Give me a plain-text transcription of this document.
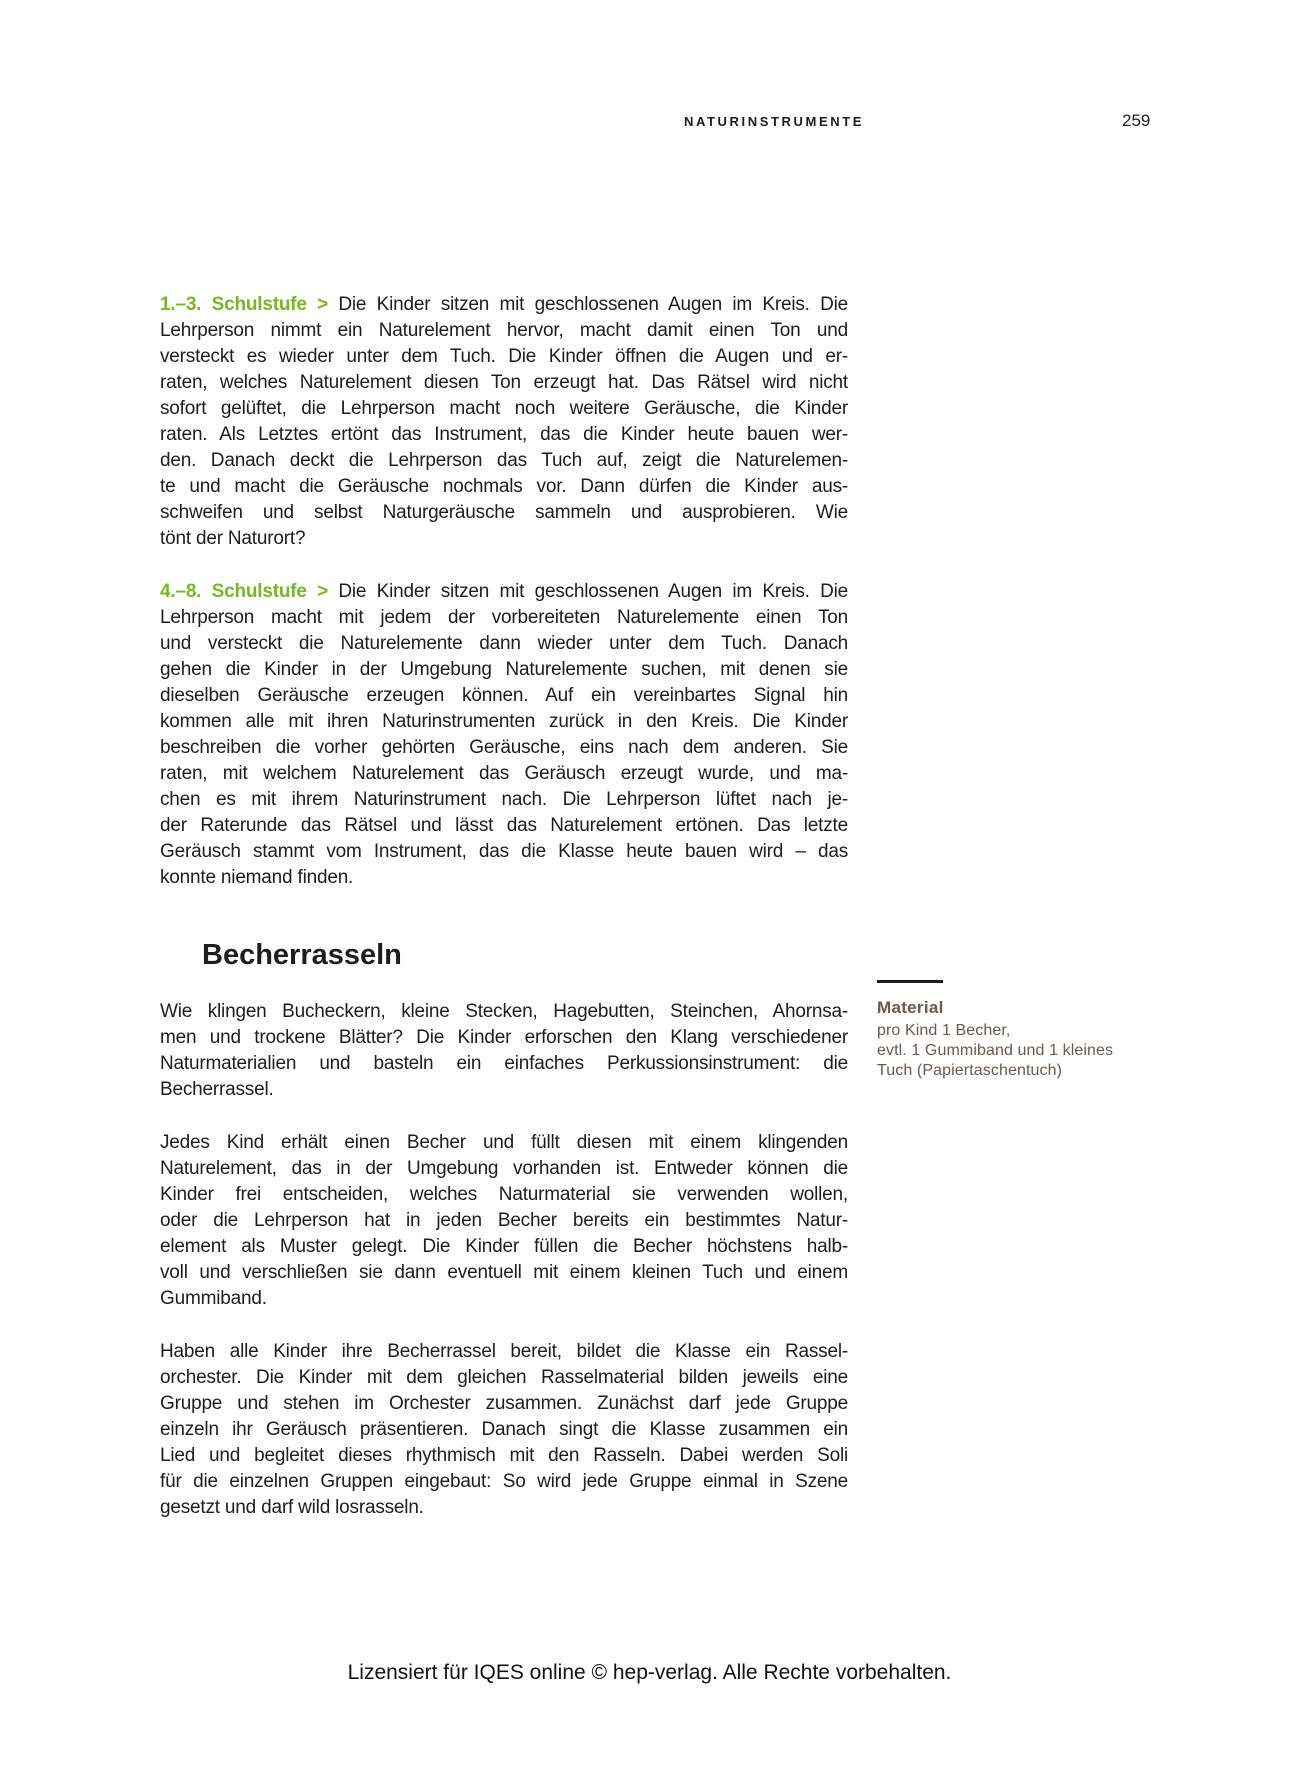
NATURINSTRUMENTE	259
1.–3. Schulstufe > Die Kinder sitzen mit geschlossenen Augen im Kreis. Die
Lehrperson nimmt ein Naturelement hervor, macht damit einen Ton und
versteckt es wieder unter dem Tuch. Die Kinder öffnen die Augen und er-
raten, welches Naturelement diesen Ton erzeugt hat. Das Rätsel wird nicht
sofort gelüftet, die Lehrperson macht noch weitere Geräusche, die Kinder
raten. Als Letztes ertönt das Instrument, das die Kinder heute bauen wer-
den. Danach deckt die Lehrperson das Tuch auf, zeigt die Naturelemen-
te und macht die Geräusche nochmals vor. Dann dürfen die Kinder aus-
schweifen und selbst Naturgeräusche sammeln und ausprobieren. Wie
tönt der Naturort?
4.–8. Schulstufe > Die Kinder sitzen mit geschlossenen Augen im Kreis. Die
Lehrperson macht mit jedem der vorbereiteten Naturelemente einen Ton
und versteckt die Naturelemente dann wieder unter dem Tuch. Danach
gehen die Kinder in der Umgebung Naturelemente suchen, mit denen sie
dieselben Geräusche erzeugen können. Auf ein vereinbartes Signal hin
kommen alle mit ihren Naturinstrumenten zurück in den Kreis. Die Kinder
beschreiben die vorher gehörten Geräusche, eins nach dem anderen. Sie
raten, mit welchem Naturelement das Geräusch erzeugt wurde, und ma-
chen es mit ihrem Naturinstrument nach. Die Lehrperson lüftet nach je-
der Raterunde das Rätsel und lässt das Naturelement ertönen. Das letzte
Geräusch stammt vom Instrument, das die Klasse heute bauen wird – das
konnte niemand finden.
Becherrasseln
Wie klingen Bucheckern, kleine Stecken, Hagebutten, Steinchen, Ahornsa-
men und trockene Blätter? Die Kinder erforschen den Klang verschiedener
Naturmaterialien und basteln ein einfaches Perkussionsinstrument: die
Becherrassel.
Jedes Kind erhält einen Becher und füllt diesen mit einem klingenden
Naturelement, das in der Umgebung vorhanden ist. Entweder können die
Kinder frei entscheiden, welches Naturmaterial sie verwenden wollen,
oder die Lehrperson hat in jeden Becher bereits ein bestimmtes Natur-
element als Muster gelegt. Die Kinder füllen die Becher höchstens halb-
voll und verschließen sie dann eventuell mit einem kleinen Tuch und einem
Gummiband.
Haben alle Kinder ihre Becherrassel bereit, bildet die Klasse ein Rassel-
orchester. Die Kinder mit dem gleichen Rasselmaterial bilden jeweils eine
Gruppe und stehen im Orchester zusammen. Zunächst darf jede Gruppe
einzeln ihr Geräusch präsentieren. Danach singt die Klasse zusammen ein
Lied und begleitet dieses rhythmisch mit den Rasseln. Dabei werden Soli
für die einzelnen Gruppen eingebaut: So wird jede Gruppe einmal in Szene
gesetzt und darf wild losrasseln.
Material
pro Kind 1 Becher,
evtl. 1 Gummiband und 1 kleines
Tuch (Papiertaschentuch)
Lizensiert für IQES online © hep-verlag. Alle Rechte vorbehalten.
